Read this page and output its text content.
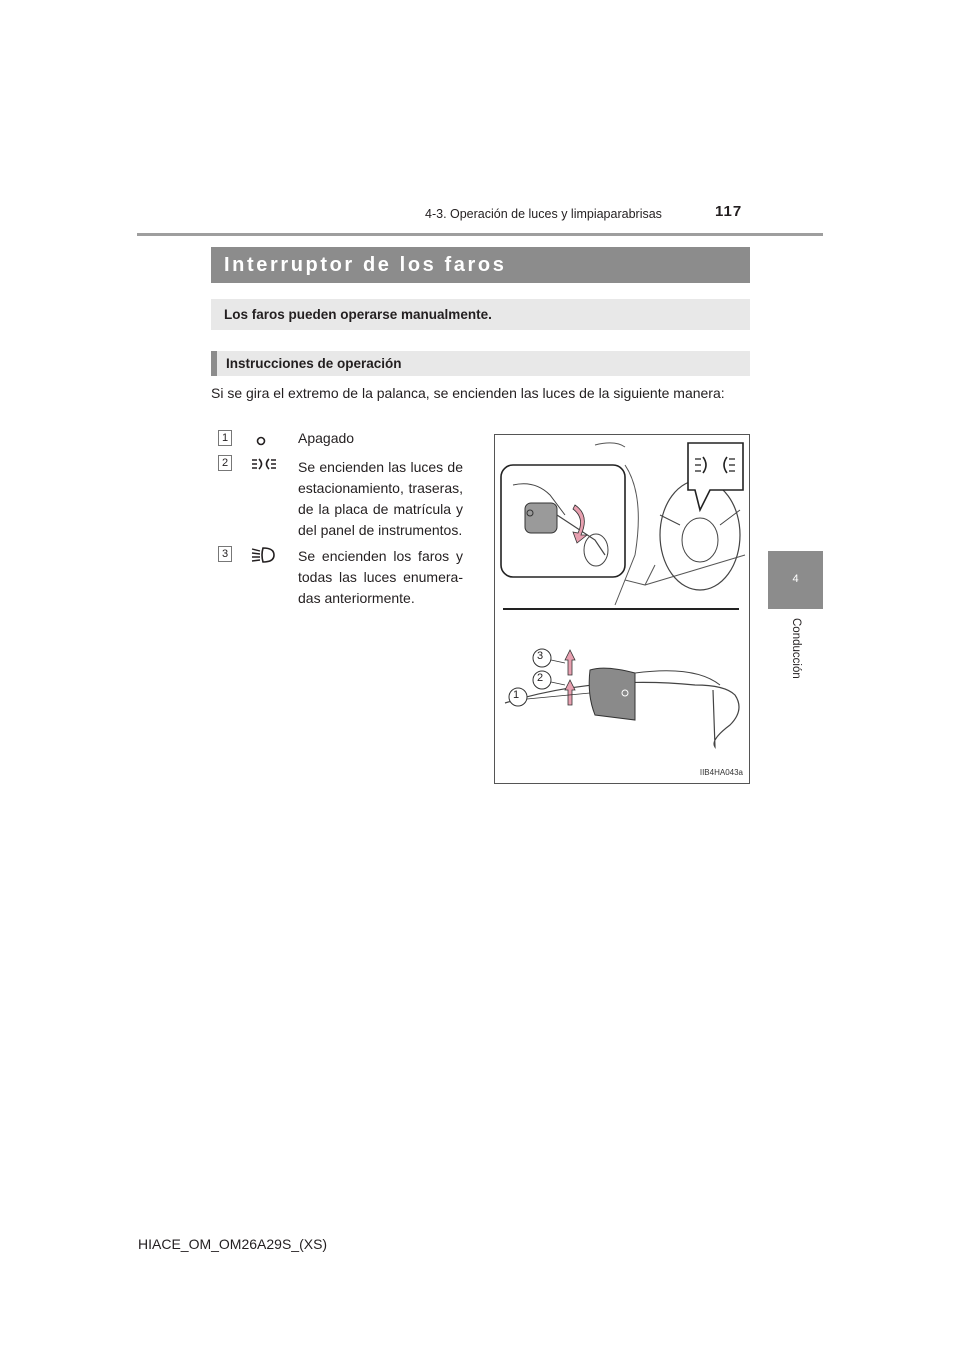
4-3. Operación de luces y limpiaparabrisas	117
4
Conducción
Interruptor de los faros
Los faros pueden operarse manualmente.
Instrucciones de operación
Si se gira el extremo de la palanca, se encienden las luces de la siguiente manera:
1	Apagado
2	Se encienden las luces de estacionamiento, traseras, de la placa de matrícula y del panel de instrumentos.
3	Se encienden los faros y todas las luces enumera-das anteriormente.
3
2
1
IIB4HA043a
HIACE_OM_OM26A29S_(XS)
